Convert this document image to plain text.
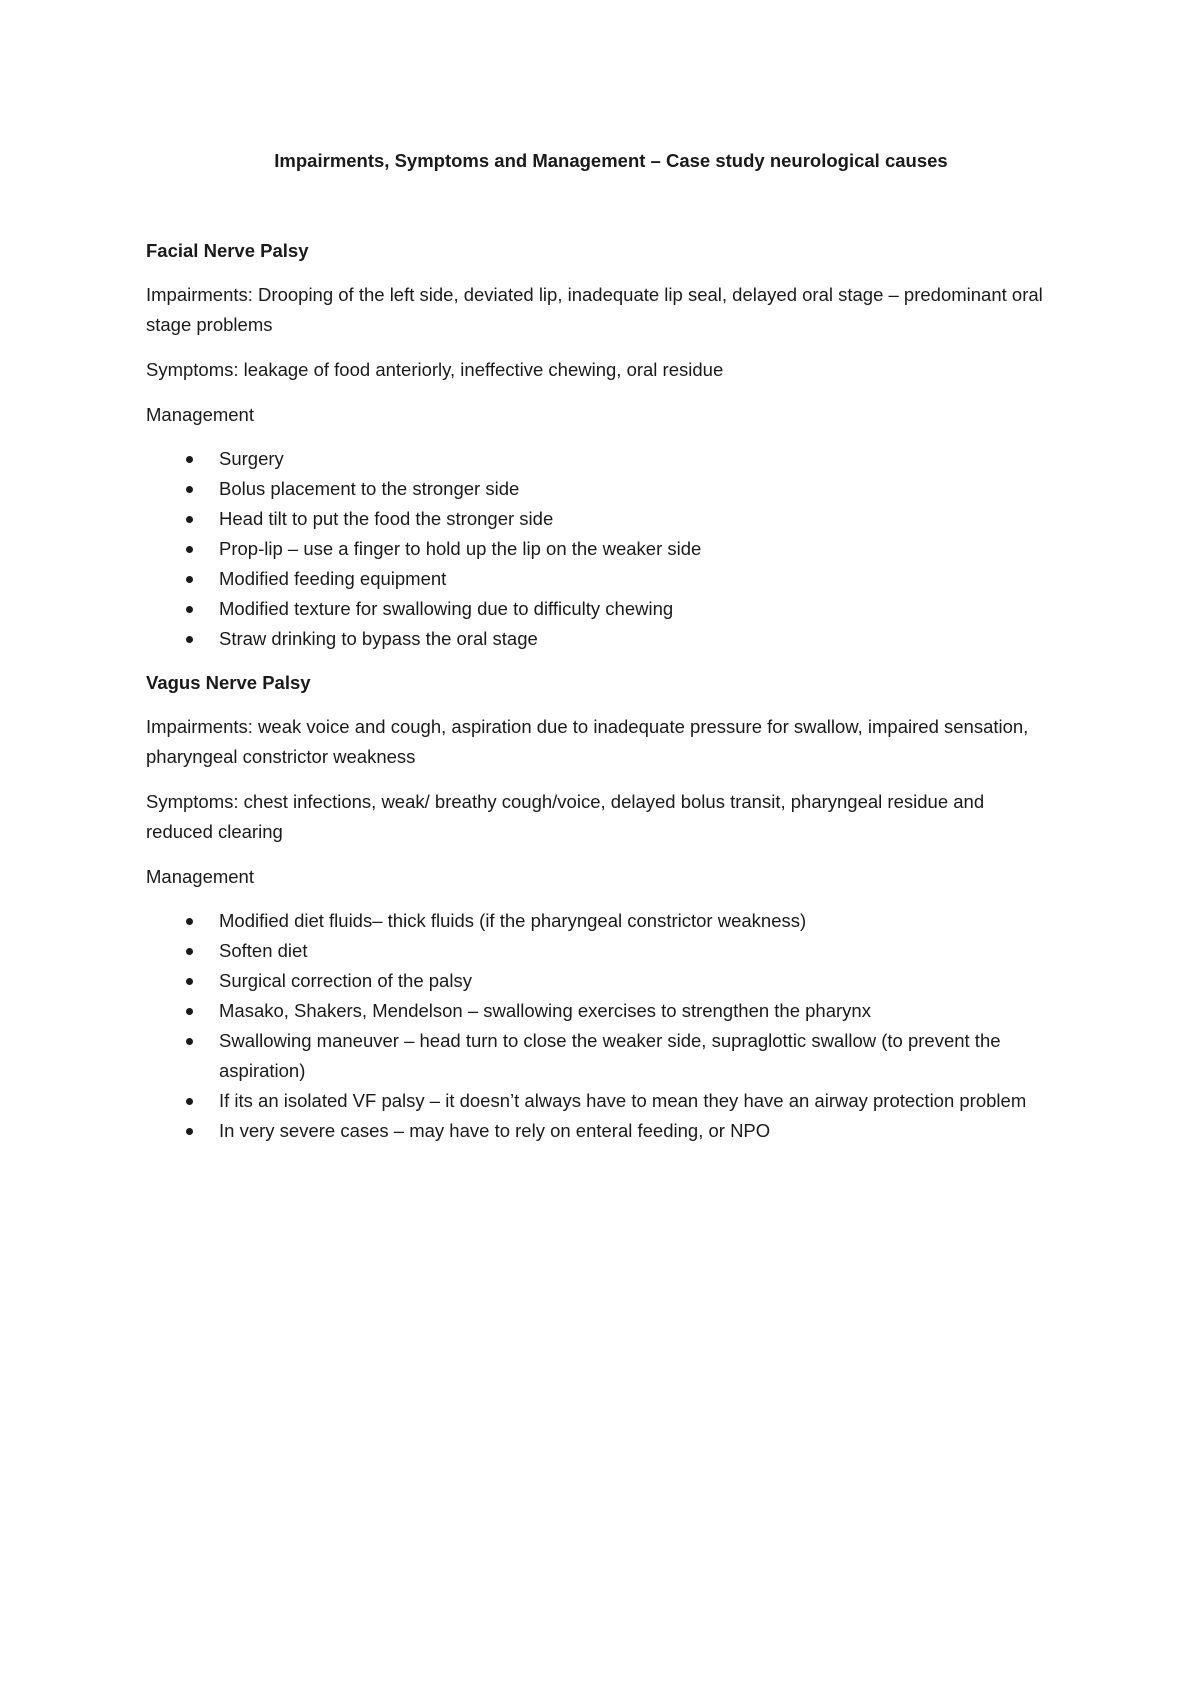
Impairments, Symptoms and Management – Case study neurological causes
Facial Nerve Palsy

Impairments: Drooping of the left side, deviated lip, inadequate lip seal, delayed oral stage – predominant oral stage problems

Symptoms: leakage of food anteriorly, ineffective chewing, oral residue

Management

Surgery
Bolus placement to the stronger side
Head tilt to put the food the stronger side
Prop-lip – use a finger to hold up the lip on the weaker side
Modified feeding equipment
Modified texture for swallowing due to difficulty chewing
Straw drinking to bypass the oral stage
Vagus Nerve Palsy

Impairments: weak voice and cough, aspiration due to inadequate pressure for swallow, impaired sensation, pharyngeal constrictor weakness

Symptoms: chest infections, weak/ breathy cough/voice, delayed bolus transit, pharyngeal residue and reduced clearing

Management

Modified diet fluids– thick fluids (if the pharyngeal constrictor weakness)
Soften diet
Surgical correction of the palsy
Masako, Shakers, Mendelson – swallowing exercises to strengthen the pharynx
Swallowing maneuver – head turn to close the weaker side, supraglottic swallow (to prevent the aspiration)
If its an isolated VF palsy – it doesn’t always have to mean they have an airway protection problem
In very severe cases – may have to rely on enteral feeding, or NPO
